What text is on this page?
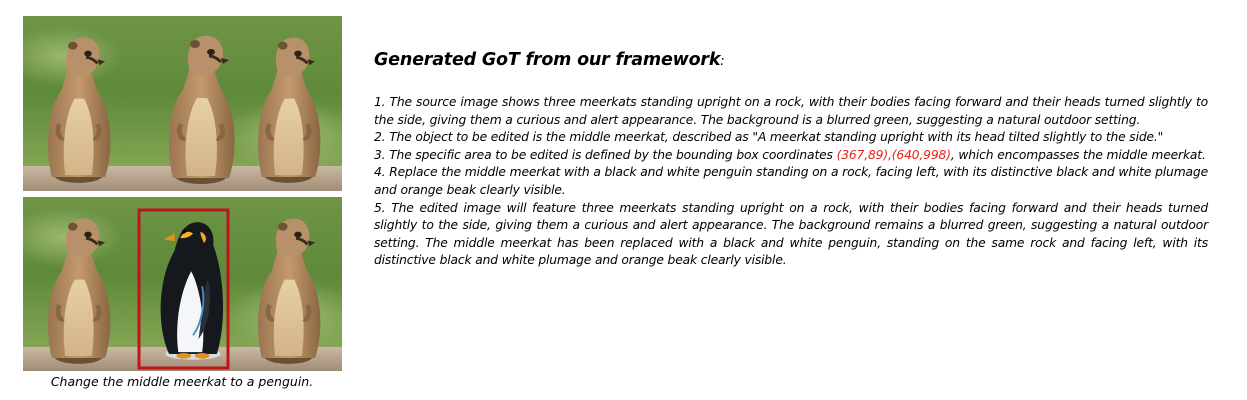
Change the middle meerkat to a penguin.
Generated GoT from our framework:

1. The source image shows three meerkats standing upright on a rock, with their bodies facing forward and their heads turned slightly to the side, giving them a curious and alert appearance. The background is a blurred green, suggesting a natural outdoor setting.

2. The object to be edited is the middle meerkat, described as "A meerkat standing upright with its head tilted slightly to the side."

3. The specific area to be edited is defined by the bounding box coordinates (367,89),(640,998), which encompasses the middle meerkat.

4. Replace the middle meerkat with a black and white penguin standing on a rock, facing left, with its distinctive black and white plumage and orange beak clearly visible.

5. The edited image will feature three meerkats standing upright on a rock, with their bodies facing forward and their heads turned slightly to the side, giving them a curious and alert appearance. The background remains a blurred green, suggesting a natural outdoor setting. The middle meerkat has been replaced with a black and white penguin, standing on the same rock and facing left, with its distinctive black and white plumage and orange beak clearly visible.
